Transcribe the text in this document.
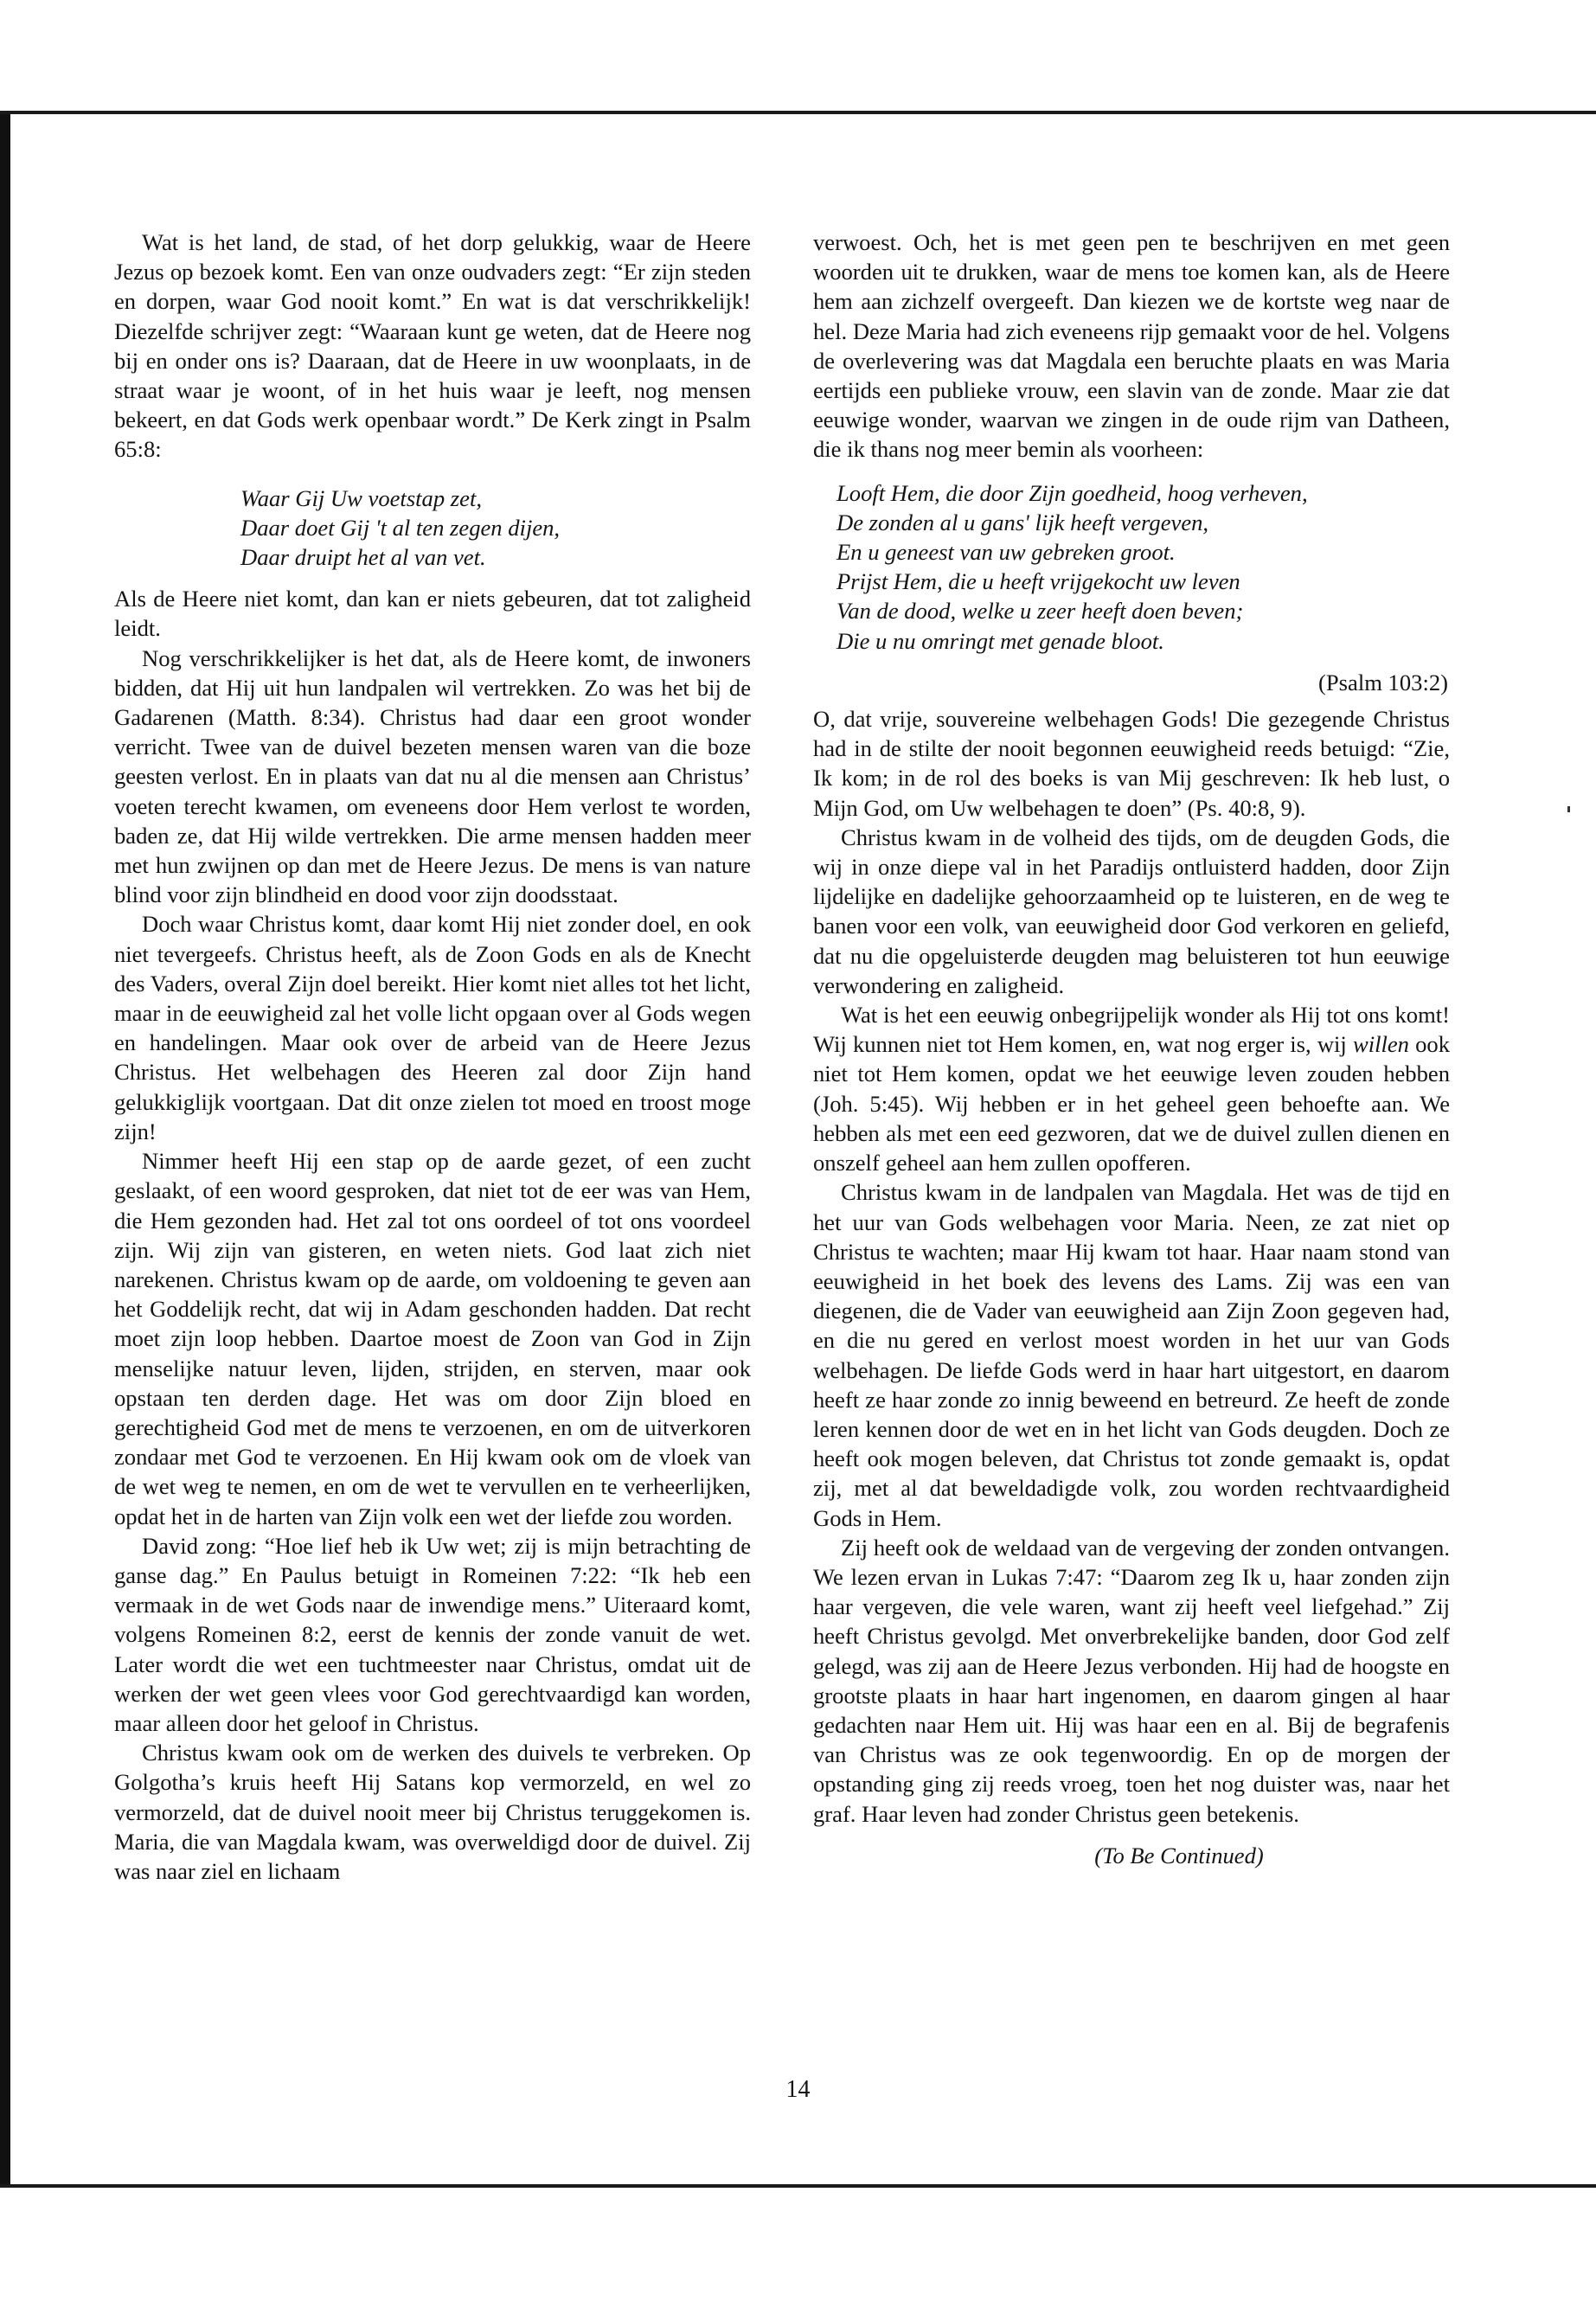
Wat is het land, de stad, of het dorp gelukkig, waar de Heere Jezus op bezoek komt. Een van onze oudvaders zegt: “Er zijn steden en dorpen, waar God nooit komt.” En wat is dat verschrikkelijk! Diezelfde schrijver zegt: “Waaraan kunt ge weten, dat de Heere nog bij en onder ons is? Daaraan, dat de Heere in uw woonplaats, in de straat waar je woont, of in het huis waar je leeft, nog mensen bekeert, en dat Gods werk openbaar wordt.” De Kerk zingt in Psalm 65:8:

Waar Gij Uw voetstap zet,
Daar doet Gij 't al ten zegen dijen,
Daar druipt het al van vet.

Als de Heere niet komt, dan kan er niets gebeuren, dat tot zaligheid leidt.

Nog verschrikkelijker is het dat, als de Heere komt, de inwoners bidden, dat Hij uit hun landpalen wil vertrekken. Zo was het bij de Gadarenen (Matth. 8:34). Christus had daar een groot wonder verricht. Twee van de duivel bezeten mensen waren van die boze geesten verlost. En in plaats van dat nu al die mensen aan Christus’ voeten terecht kwamen, om eveneens door Hem verlost te worden, baden ze, dat Hij wilde vertrekken. Die arme mensen hadden meer met hun zwijnen op dan met de Heere Jezus. De mens is van nature blind voor zijn blindheid en dood voor zijn doodsstaat.

Doch waar Christus komt, daar komt Hij niet zonder doel, en ook niet tevergeefs. Christus heeft, als de Zoon Gods en als de Knecht des Vaders, overal Zijn doel bereikt. Hier komt niet alles tot het licht, maar in de eeuwigheid zal het volle licht opgaan over al Gods wegen en handelingen. Maar ook over de arbeid van de Heere Jezus Christus. Het welbehagen des Heeren zal door Zijn hand gelukkiglijk voortgaan. Dat dit onze zielen tot moed en troost moge zijn!

Nimmer heeft Hij een stap op de aarde gezet, of een zucht geslaakt, of een woord gesproken, dat niet tot de eer was van Hem, die Hem gezonden had. Het zal tot ons oordeel of tot ons voordeel zijn. Wij zijn van gisteren, en weten niets. God laat zich niet narekenen. Christus kwam op de aarde, om voldoening te geven aan het Goddelijk recht, dat wij in Adam geschonden hadden. Dat recht moet zijn loop hebben. Daartoe moest de Zoon van God in Zijn menselijke natuur leven, lijden, strijden, en sterven, maar ook opstaan ten derden dage. Het was om door Zijn bloed en gerechtigheid God met de mens te verzoenen, en om de uitverkoren zondaar met God te verzoenen. En Hij kwam ook om de vloek van de wet weg te nemen, en om de wet te vervullen en te verheerlijken, opdat het in de harten van Zijn volk een wet der liefde zou worden.

David zong: “Hoe lief heb ik Uw wet; zij is mijn betrachting de ganse dag.” En Paulus betuigt in Romeinen 7:22: “Ik heb een vermaak in de wet Gods naar de inwendige mens.” Uiteraard komt, volgens Romeinen 8:2, eerst de kennis der zonde vanuit de wet. Later wordt die wet een tuchtmeester naar Christus, omdat uit de werken der wet geen vlees voor God gerechtvaardigd kan worden, maar alleen door het geloof in Christus.

Christus kwam ook om de werken des duivels te verbreken. Op Golgotha’s kruis heeft Hij Satans kop vermorzeld, en wel zo vermorzeld, dat de duivel nooit meer bij Christus teruggekomen is. Maria, die van Magdala kwam, was overweldigd door de duivel. Zij was naar ziel en lichaam

verwoest. Och, het is met geen pen te beschrijven en met geen woorden uit te drukken, waar de mens toe komen kan, als de Heere hem aan zichzelf overgeeft. Dan kiezen we de kortste weg naar de hel. Deze Maria had zich eveneens rijp gemaakt voor de hel. Volgens de overlevering was dat Magdala een beruchte plaats en was Maria eertijds een publieke vrouw, een slavin van de zonde. Maar zie dat eeuwige wonder, waarvan we zingen in de oude rijm van Datheen, die ik thans nog meer bemin als voorheen:

Looft Hem, die door Zijn goedheid, hoog verheven,
De zonden al u gans' lijk heeft vergeven,
En u geneest van uw gebreken groot.
Prijst Hem, die u heeft vrijgekocht uw leven
Van de dood, welke u zeer heeft doen beven;
Die u nu omringt met genade bloot.
(Psalm 103:2)

O, dat vrije, souvereine welbehagen Gods! Die gezegende Christus had in de stilte der nooit begonnen eeuwigheid reeds betuigd: “Zie, Ik kom; in de rol des boeks is van Mij geschreven: Ik heb lust, o Mijn God, om Uw welbehagen te doen” (Ps. 40:8, 9).

Christus kwam in de volheid des tijds, om de deugden Gods, die wij in onze diepe val in het Paradijs ontluisterd hadden, door Zijn lijdelijke en dadelijke gehoorzaamheid op te luisteren, en de weg te banen voor een volk, van eeuwigheid door God verkoren en geliefd, dat nu die opgeluisterde deugden mag beluisteren tot hun eeuwige verwondering en zaligheid.

Wat is het een eeuwig onbegrijpelijk wonder als Hij tot ons komt! Wij kunnen niet tot Hem komen, en, wat nog erger is, wij willen ook niet tot Hem komen, opdat we het eeuwige leven zouden hebben (Joh. 5:45). Wij hebben er in het geheel geen behoefte aan. We hebben als met een eed gezworen, dat we de duivel zullen dienen en onszelf geheel aan hem zullen opofferen.

Christus kwam in de landpalen van Magdala. Het was de tijd en het uur van Gods welbehagen voor Maria. Neen, ze zat niet op Christus te wachten; maar Hij kwam tot haar. Haar naam stond van eeuwigheid in het boek des levens des Lams. Zij was een van diegenen, die de Vader van eeuwigheid aan Zijn Zoon gegeven had, en die nu gered en verlost moest worden in het uur van Gods welbehagen. De liefde Gods werd in haar hart uitgestort, en daarom heeft ze haar zonde zo innig beweend en betreurd. Ze heeft de zonde leren kennen door de wet en in het licht van Gods deugden. Doch ze heeft ook mogen beleven, dat Christus tot zonde gemaakt is, opdat zij, met al dat beweldadigde volk, zou worden rechtvaardigheid Gods in Hem.

Zij heeft ook de weldaad van de vergeving der zonden ontvangen. We lezen ervan in Lukas 7:47: “Daarom zeg Ik u, haar zonden zijn haar vergeven, die vele waren, want zij heeft veel liefgehad.” Zij heeft Christus gevolgd. Met onverbrekelijke banden, door God zelf gelegd, was zij aan de Heere Jezus verbonden. Hij had de hoogste en grootste plaats in haar hart ingenomen, en daarom gingen al haar gedachten naar Hem uit. Hij was haar een en al. Bij de begrafenis van Christus was ze ook tegenwoordig. En op de morgen der opstanding ging zij reeds vroeg, toen het nog duister was, naar het graf. Haar leven had zonder Christus geen betekenis.

(To Be Continued)
14
